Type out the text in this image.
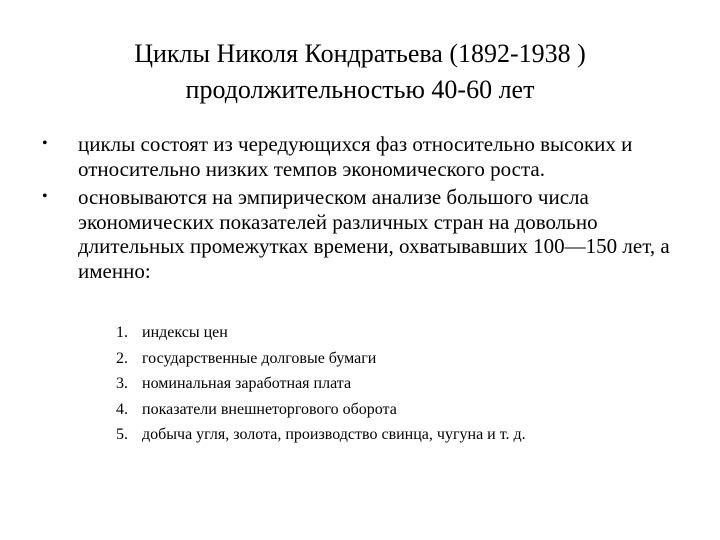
Циклы Николя Кондратьева (1892-1938 )
продолжительностью 40-60 лет
• циклы состоят из чередующихся фаз относительно высоких и относительно низких темпов экономического роста.
• основываются на эмпирическом анализе большого числа экономических показателей различных стран на довольно длительных промежутках времени, охватывавших 100—150 лет, а именно:
1. индексы цен
2. государственные долговые бумаги
3. номинальная заработная плата
4. показатели внешнеторгового оборота
5. добыча угля, золота, производство свинца, чугуна и т. д.
